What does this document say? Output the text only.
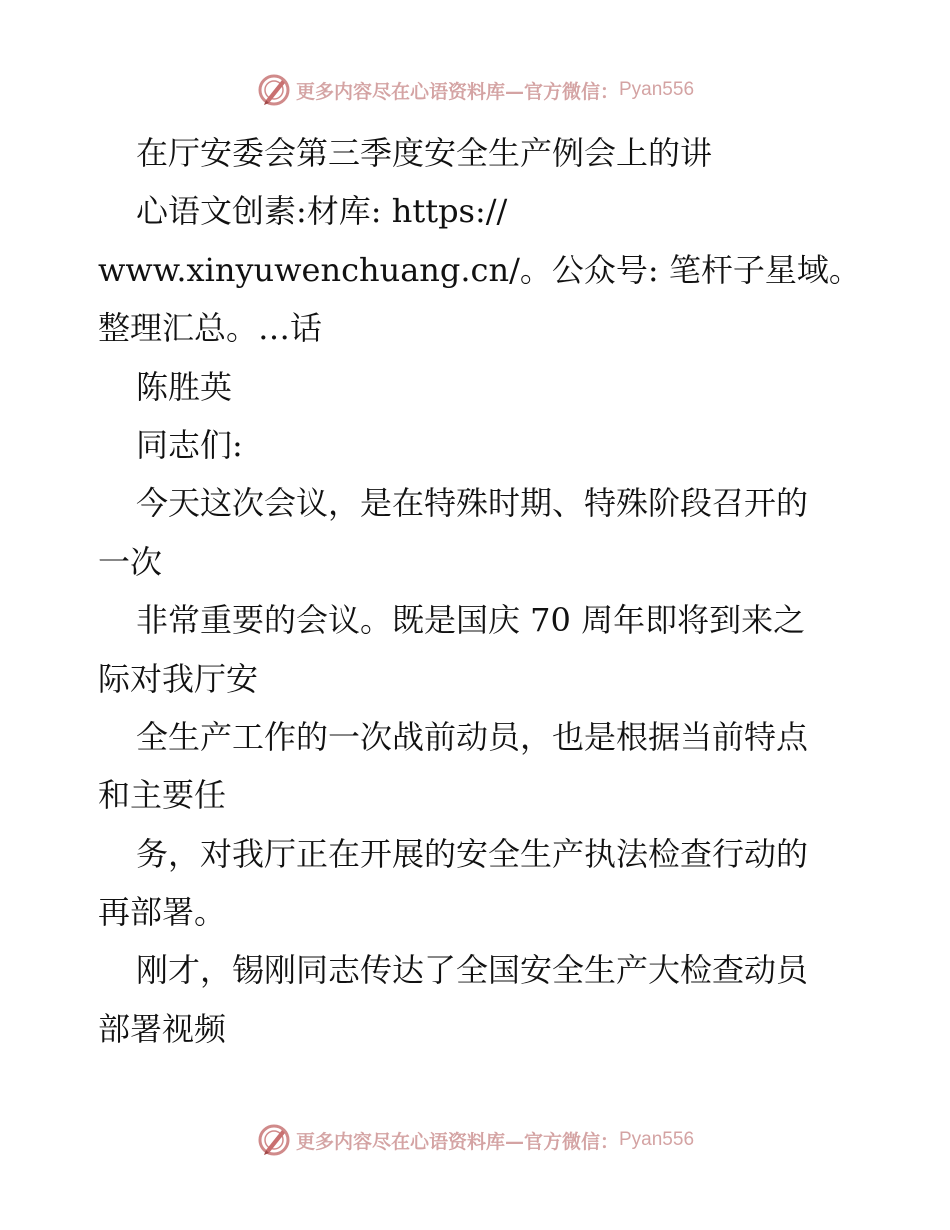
更多内容尽在心语资料库—官方微信： Pyan556
在厅安委会第三季度安全生产例会上的讲
心语文创素:材库: https://
www.xinyuwenchuang.cn/。公众号: 笔杆子星域。
整理汇总。…话
陈胜英
同志们:
今天这次会议，是在特殊时期、特殊阶段召开的
一次
非常重要的会议。既是国庆 70 周年即将到来之
际对我厅安
全生产工作的一次战前动员，也是根据当前特点
和主要任
务，对我厅正在开展的安全生产执法检查行动的
再部署。
刚才，锡刚同志传达了全国安全生产大检查动员
部署视频
更多内容尽在心语资料库—官方微信： Pyan556
